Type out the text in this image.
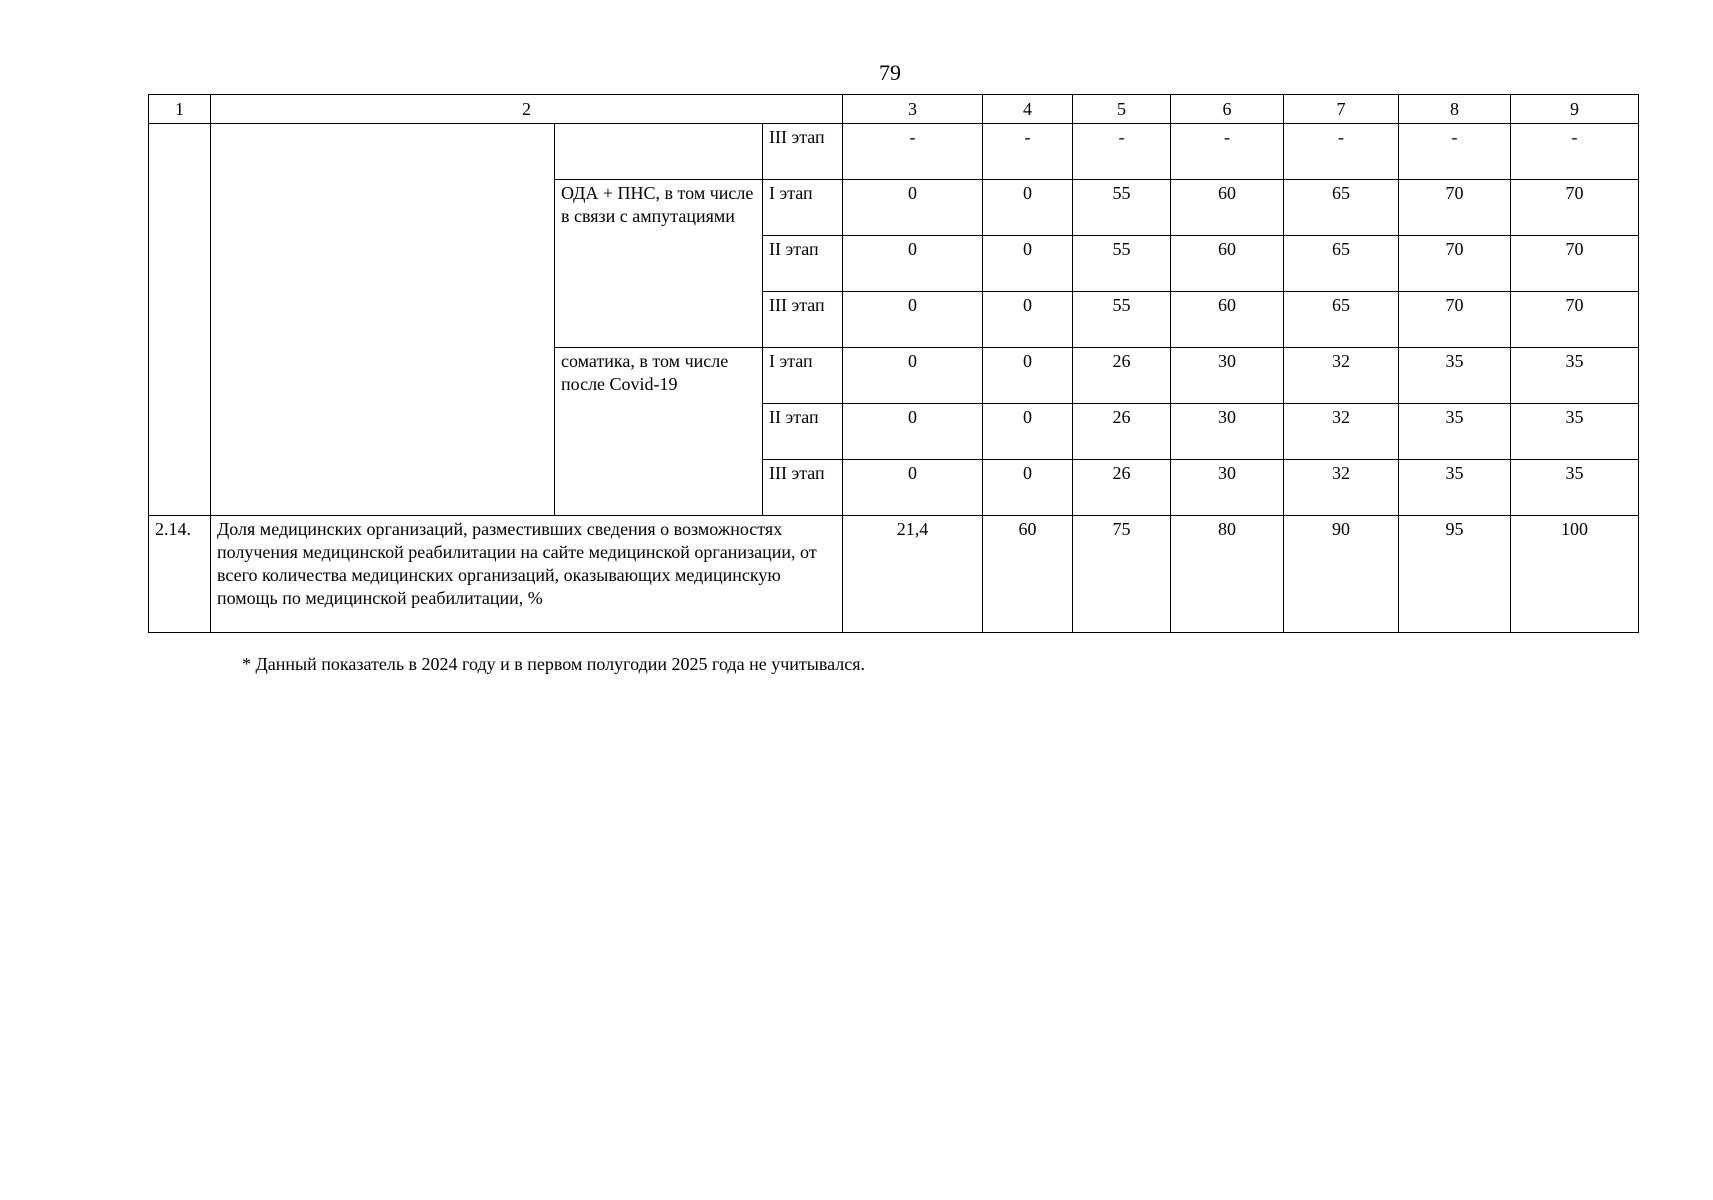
79
1	2			3	4	5	6	7	8	9
			III этап	-	-	-	-	-	-	-
		ОДА + ПНС, в том числе в связи с ампутациями	I этап	0	0	55	60	65	70	70
			II этап	0	0	55	60	65	70	70
			III этап	0	0	55	60	65	70	70
		соматика, в том числе после Covid-19	I этап	0	0	26	30	32	35	35
			II этап	0	0	26	30	32	35	35
			III этап	0	0	26	30	32	35	35
2.14.	Доля медицинских организаций, разместивших сведения о возможностях получения медицинской реабилитации на сайте медицинской организации, от всего количества медицинских организаций, оказывающих медицинскую помощь по медицинской реабилитации, %			21,4	60	75	80	90	95	100
* Данный показатель в 2024 году и в первом полугодии 2025 года не учитывался.
